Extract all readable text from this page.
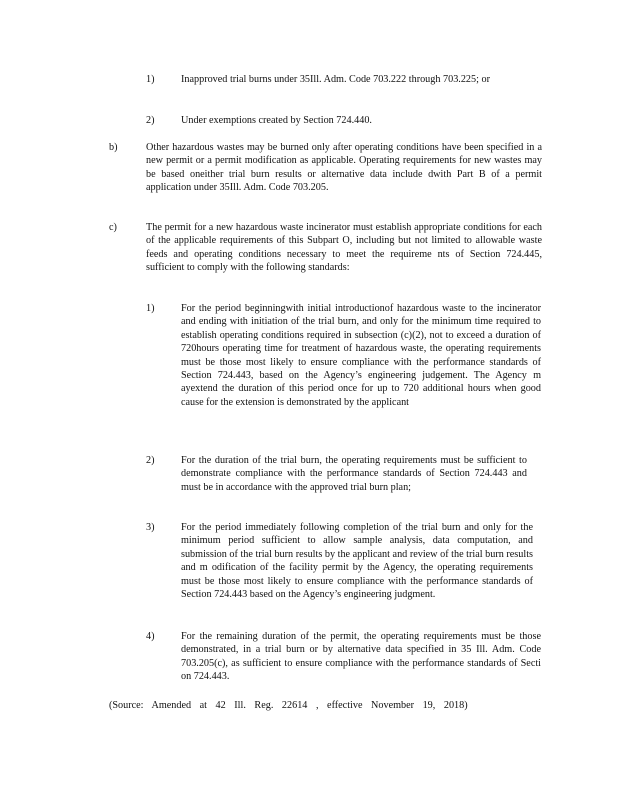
1)	Inapproved trial burns under 35Ill. Adm. Code 703.222 through 703.225; or
2)	Under exemptions created by Section 724.440.
b)	Other hazardous wastes may be burned only after operating conditions have been specified in a new permit or a permit modification as applicable. Operating requirements for new wastes may be based oneither trial burn results or alternative data include dwith Part B of a permit application under 35Ill. Adm. Code 703.205.
c)	The permit for a new hazardous waste incinerator must establish appropriate conditions for each of the applicable requirements of this Subpart O, including but not limited to allowable waste feeds and operating conditions necessary to meet the requireme nts of Section 724.445, sufficient to comply with the following standards:
1)	For the period beginningwith initial introductionof hazardous waste to the incinerator and ending with initiation of the trial burn, and only for the minimum time required to establish operating conditions required in subsection (c)(2), not to exceed a duration of 720hours operating time for treatment of hazardous waste, the operating requirements must be those most likely to ensure compliance with the performance standards of Section 724.443, based on the Agency’s engineering judgement. The Agency m ayextend the duration of this period once for up to 720 additional hours when good cause for the extension is demonstrated by the applicant
2)	For the duration of the trial burn, the operating requirements must be sufficient to demonstrate compliance with the performance standards of Section 724.443 and must be in accordance with the approved trial burn plan;
3)	For the period immediately following completion of the trial burn and only for the minimum period sufficient to allow sample analysis, data computation, and submission of the trial burn results by the applicant and review of the trial burn results and m odification of the facility permit by the Agency, the operating requirements must be those most likely to ensure compliance with the performance standards of Section 724.443 based on the Agency’s engineering judgment.
4)	For the remaining duration of the permit, the operating requirements must be those demonstrated, in a trial burn or by alternative data specified in 35 Ill. Adm. Code 703.205(c), as sufficient to ensure compliance with the performance standards of Secti on 724.443.
(Source: Amended at 42 Ill. Reg. 22614 , effective November 19, 2018)
